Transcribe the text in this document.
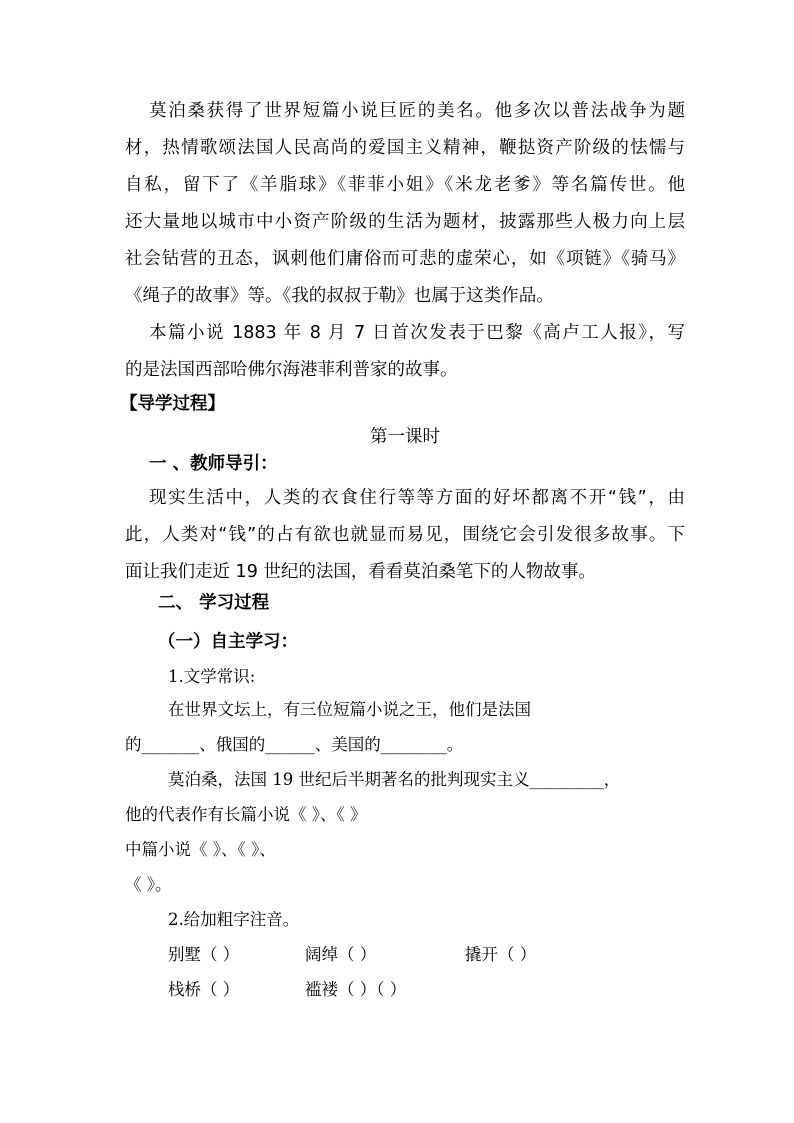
莫泊桑获得了世界短篇小说巨匠的美名。他多次以普法战争为题
材，热情歌颂法国人民高尚的爱国主义精神，鞭挞资产阶级的怯懦与
自私，留下了《羊脂球》《菲菲小姐》《米龙老爹》等名篇传世。他
还大量地以城市中小资产阶级的生活为题材，披露那些人极力向上层
社会钻营的丑态，讽刺他们庸俗而可悲的虚荣心，如《项链》《骑马》
《绳子的故事》等。《我的叔叔于勒》也属于这类作品。
本篇小说 1883 年 8 月 7 日首次发表于巴黎《高卢工人报》，写
的是法国西部哈佛尔海港菲利普家的故事。
【导学过程】
第一课时
一 、教师导引：
现实生活中，人类的衣食住行等等方面的好坏都离不开“钱”，由
此，人类对“钱”的占有欲也就显而易见，围绕它会引发很多故事。下
面让我们走近 19 世纪的法国，看看莫泊桑笔下的人物故事。
二、 学习过程
（一）自主学习：
1.文学常识:
在世界文坛上，有三位短篇小说之王，他们是法国
的_______、俄国的______、美国的________。
莫泊桑，法国 19 世纪后半期著名的批判现实主义_________，
他的代表作有长篇小说《 》、《 》
中篇小说《 》、《 》、
《 》。
2.给加粗字注音。
别墅（ ）	阔绰（ ）	撬开（ ）
栈桥（ ）	褴褛（ ）（ ）
